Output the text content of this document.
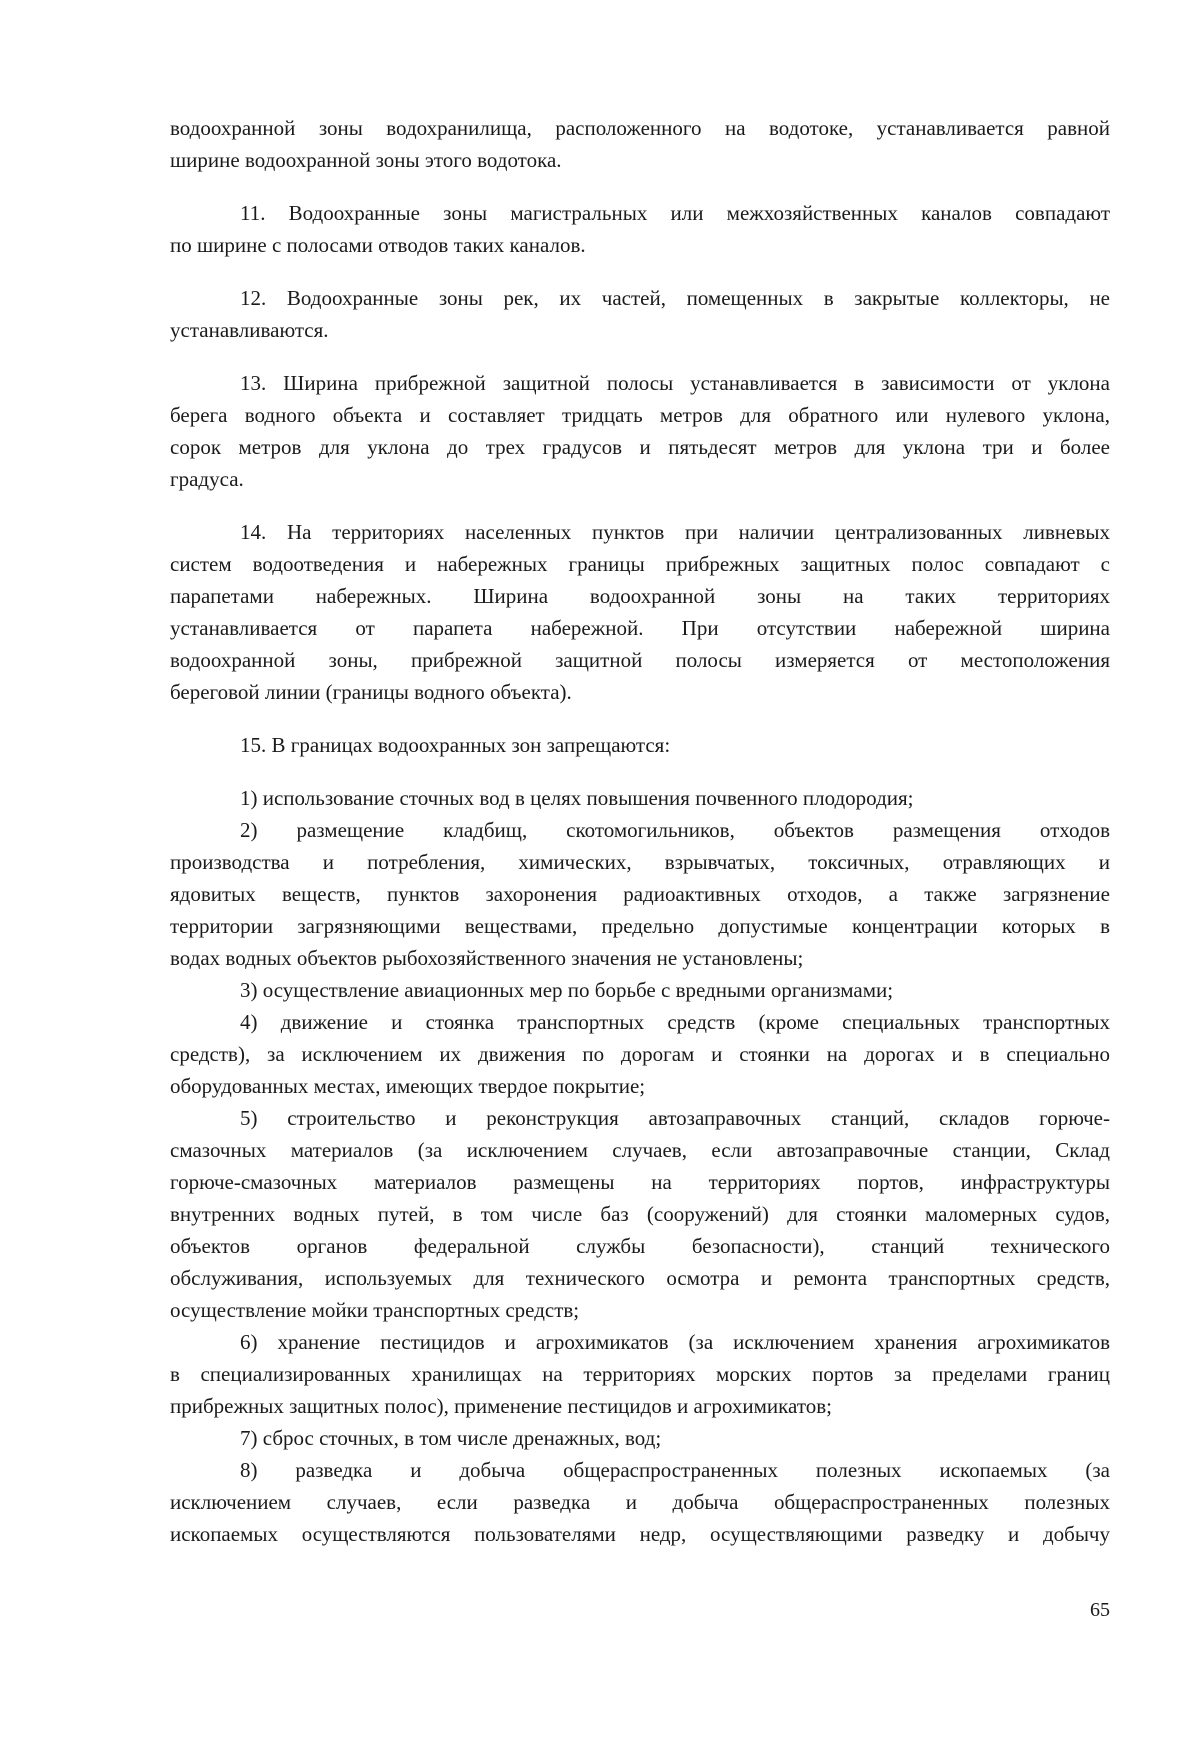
водоохранной зоны водохранилища, расположенного на водотоке, устанавливается равной
ширине водоохранной зоны этого водотока.
11. Водоохранные зоны магистральных или межхозяйственных каналов совпадают
по ширине с полосами отводов таких каналов.
12. Водоохранные зоны рек, их частей, помещенных в закрытые коллекторы, не
устанавливаются.
13. Ширина прибрежной защитной полосы устанавливается в зависимости от уклона
берега водного объекта и составляет тридцать метров для обратного или нулевого уклона,
сорок метров для уклона до трех градусов и пятьдесят метров для уклона три и более
градуса.
14. На территориях населенных пунктов при наличии централизованных ливневых
систем водоотведения и набережных границы прибрежных защитных полос совпадают с
парапетами набережных. Ширина водоохранной зоны на таких территориях
устанавливается от парапета набережной. При отсутствии набережной ширина
водоохранной зоны, прибрежной защитной полосы измеряется от местоположения
береговой линии (границы водного объекта).
15. В границах водоохранных зон запрещаются:
1) использование сточных вод в целях повышения почвенного плодородия;
2) размещение кладбищ, скотомогильников, объектов размещения отходов
производства и потребления, химических, взрывчатых, токсичных, отравляющих и
ядовитых веществ, пунктов захоронения радиоактивных отходов, а также загрязнение
территории загрязняющими веществами, предельно допустимые концентрации которых в
водах водных объектов рыбохозяйственного значения не установлены;
3) осуществление авиационных мер по борьбе с вредными организмами;
4) движение и стоянка транспортных средств (кроме специальных транспортных
средств), за исключением их движения по дорогам и стоянки на дорогах и в специально
оборудованных местах, имеющих твердое покрытие;
5) строительство и реконструкция автозаправочных станций, складов горюче-
смазочных материалов (за исключением случаев, если автозаправочные станции, Склад
горюче-смазочных материалов размещены на территориях портов, инфраструктуры
внутренних водных путей, в том числе баз (сооружений) для стоянки маломерных судов,
объектов органов федеральной службы безопасности), станций технического
обслуживания, используемых для технического осмотра и ремонта транспортных средств,
осуществление мойки транспортных средств;
6) хранение пестицидов и агрохимикатов (за исключением хранения агрохимикатов
в специализированных хранилищах на территориях морских портов за пределами границ
прибрежных защитных полос), применение пестицидов и агрохимикатов;
7) сброс сточных, в том числе дренажных, вод;
8) разведка и добыча общераспространенных полезных ископаемых (за
исключением случаев, если разведка и добыча общераспространенных полезных
ископаемых осуществляются пользователями недр, осуществляющими разведку и добычу
65
